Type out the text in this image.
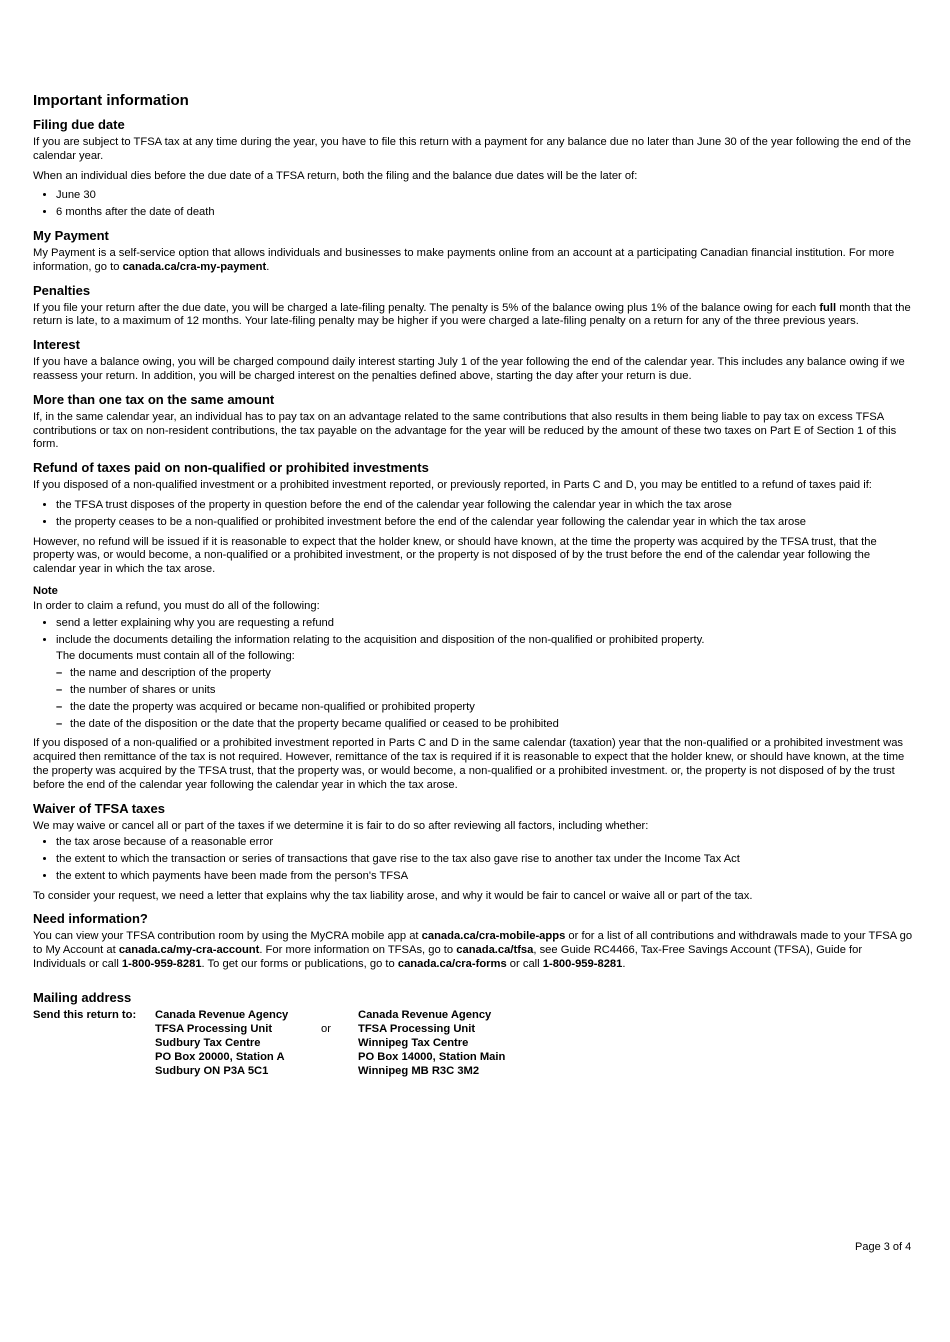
Important information
Filing due date

If you are subject to TFSA tax at any time during the year, you have to file this return with a payment for any balance due no later than June 30 of the year following the end of the calendar year.

When an individual dies before the due date of a TFSA return, both the filing and the balance due dates will be the later of:

• June 30
• 6 months after the date of death
My Payment

My Payment is a self-service option that allows individuals and businesses to make payments online from an account at a participating Canadian financial institution. For more information, go to canada.ca/cra-my-payment.

Penalties

If you file your return after the due date, you will be charged a late-filing penalty. The penalty is 5% of the balance owing plus 1% of the balance owing for each full month that the return is late, to a maximum of 12 months. Your late-filing penalty may be higher if you were charged a late-filing penalty on a return for any of the three previous years.

Interest

If you have a balance owing, you will be charged compound daily interest starting July 1 of the year following the end of the calendar year. This includes any balance owing if we reassess your return. In addition, you will be charged interest on the penalties defined above, starting the day after your return is due.

More than one tax on the same amount

If, in the same calendar year, an individual has to pay tax on an advantage related to the same contributions that also results in them being liable to pay tax on excess TFSA contributions or tax on non-resident contributions, the tax payable on the advantage for the year will be reduced by the amount of these two taxes on Part E of Section 1 of this form.

Refund of taxes paid on non-qualified or prohibited investments

If you disposed of a non-qualified investment or a prohibited investment reported, or previously reported, in Parts C and D, you may be entitled to a refund of taxes paid if:

• the TFSA trust disposes of the property in question before the end of the calendar year following the calendar year in which the tax arose
• the property ceases to be a non-qualified or prohibited investment before the end of the calendar year following the calendar year in which the tax arose

However, no refund will be issued if it is reasonable to expect that the holder knew, or should have known, at the time the property was acquired by the TFSA trust, that the property was, or would become, a non-qualified or a prohibited investment, or the property is not disposed of by the trust before the end of the calendar year following the calendar year in which the tax arose.

Note

In order to claim a refund, you must do all of the following:

• send a letter explaining why you are requesting a refund
• include the documents detailing the information relating to the acquisition and disposition of the non-qualified or prohibited property.
The documents must contain all of the following:
– the name and description of the property
– the number of shares or units
– the date the property was acquired or became non-qualified or prohibited property
– the date of the disposition or the date that the property became qualified or ceased to be prohibited

If you disposed of a non-qualified or a prohibited investment reported in Parts C and D in the same calendar (taxation) year that the non-qualified or a prohibited investment was acquired then remittance of the tax is not required. However, remittance of the tax is required if it is reasonable to expect that the holder knew, or should have known, at the time the property was acquired by the TFSA trust, that the property was, or would become, a non-qualified or a prohibited investment. or, the property is not disposed of by the trust before the end of the calendar year following the calendar year in which the tax arose.

Waiver of TFSA taxes

We may waive or cancel all or part of the taxes if we determine it is fair to do so after reviewing all factors, including whether:

• the tax arose because of a reasonable error
• the extent to which the transaction or series of transactions that gave rise to the tax also gave rise to another tax under the Income Tax Act
• the extent to which payments have been made from the person's TFSA

To consider your request, we need a letter that explains why the tax liability arose, and why it would be fair to cancel or waive all or part of the tax.

Need information?

You can view your TFSA contribution room by using the MyCRA mobile app at canada.ca/cra-mobile-apps or for a list of all contributions and withdrawals made to your TFSA go to My Account at canada.ca/my-cra-account. For more information on TFSAs, go to canada.ca/tfsa, see Guide RC4466, Tax-Free Savings Account (TFSA), Guide for Individuals or call 1-800-959-8281. To get our forms or publications, go to canada.ca/cra-forms or call 1-800-959-8281.

Mailing address
Send this return to:	Canada Revenue Agency
TFSA Processing Unit
Sudbury Tax Centre
PO Box 20000, Station A
Sudbury ON P3A 5C1
or
Canada Revenue Agency
TFSA Processing Unit
Winnipeg Tax Centre
PO Box 14000, Station Main
Winnipeg MB R3C 3M2
Page 3 of 4
